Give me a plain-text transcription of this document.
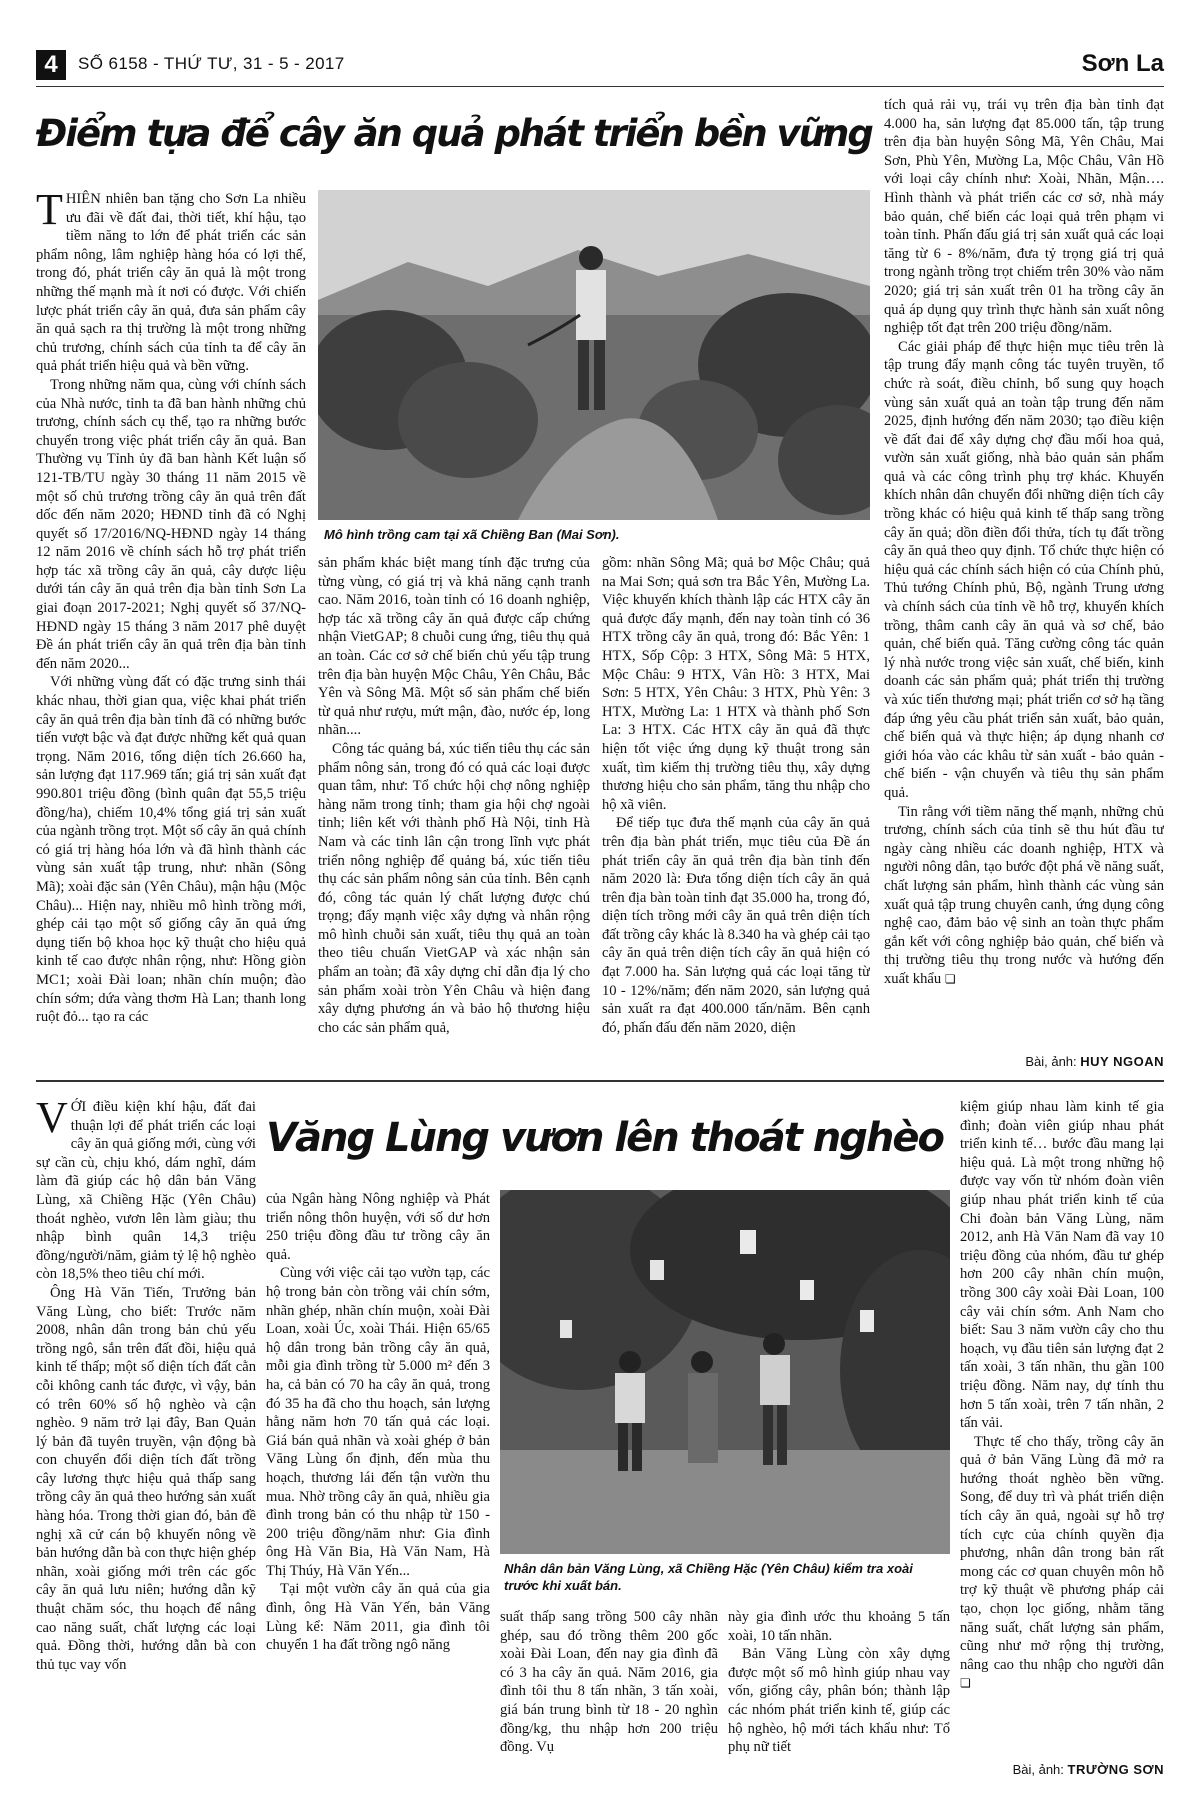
4	SỐ 6158 - THỨ TƯ, 31 - 5 - 2017	Sơn La
Điểm tựa để cây ăn quả phát triển bền vững

THIÊN nhiên ban tặng cho Sơn La nhiều ưu đãi về đất đai, thời tiết, khí hậu, tạo tiềm năng to lớn để phát triển các sản phẩm nông, lâm nghiệp hàng hóa có lợi thế, trong đó, phát triển cây ăn quả là một trong những thế mạnh mà ít nơi có được. Với chiến lược phát triển cây ăn quả, đưa sản phẩm cây ăn quả sạch ra thị trường là một trong những chủ trương, chính sách của tỉnh ta để cây ăn quả phát triển hiệu quả và bền vững.

Trong những năm qua, cùng với chính sách của Nhà nước, tỉnh ta đã ban hành những chủ trương, chính sách cụ thể, tạo ra những bước chuyển trong việc phát triển cây ăn quả. Ban Thường vụ Tỉnh ủy đã ban hành Kết luận số 121-TB/TU ngày 30 tháng 11 năm 2015 về một số chủ trương trồng cây ăn quả trên đất dốc đến năm 2020; HĐND tỉnh đã có Nghị quyết số 17/2016/NQ-HĐND ngày 14 tháng 12 năm 2016 về chính sách hỗ trợ phát triển hợp tác xã trồng cây ăn quả, cây dược liệu dưới tán cây ăn quả trên địa bàn tỉnh Sơn La giai đoạn 2017-2021; Nghị quyết số 37/NQ-HĐND ngày 15 tháng 3 năm 2017 phê duyệt Đề án phát triển cây ăn quả trên địa bàn tỉnh đến năm 2020...

Với những vùng đất có đặc trưng sinh thái khác nhau, thời gian qua, việc khai phát triển cây ăn quả trên địa bàn tỉnh đã có những bước tiến vượt bậc và đạt được những kết quả quan trọng. Năm 2016, tổng diện tích 26.660 ha, sản lượng đạt 117.969 tấn; giá trị sản xuất đạt 990.801 triệu đồng (bình quân đạt 55,5 triệu đồng/ha), chiếm 10,4% tổng giá trị sản xuất của ngành trồng trọt. Một số cây ăn quả chính có giá trị hàng hóa lớn và đã hình thành các vùng sản xuất tập trung, như: nhãn (Sông Mã); xoài đặc sản (Yên Châu), mận hậu (Mộc Châu)... Hiện nay, nhiều mô hình trồng mới, ghép cải tạo một số giống cây ăn quả ứng dụng tiến bộ khoa học kỹ thuật cho hiệu quả kinh tế cao được nhân rộng, như: Hồng giòn MC1; xoài Đài loan; nhãn chín muộn; đào chín sớm; dứa vàng thơm Hà Lan; thanh long ruột đỏ... tạo ra các

Mô hình trồng cam tại xã Chiềng Ban (Mai Sơn).

sản phẩm khác biệt mang tính đặc trưng của từng vùng, có giá trị và khả năng cạnh tranh cao. Năm 2016, toàn tỉnh có 16 doanh nghiệp, hợp tác xã trồng cây ăn quả được cấp chứng nhận VietGAP; 8 chuỗi cung ứng, tiêu thụ quả an toàn. Các cơ sở chế biến chủ yếu tập trung trên địa bàn huyện Mộc Châu, Yên Châu, Bắc Yên và Sông Mã. Một số sản phẩm chế biến từ quả như rượu, mứt mận, đào, nước ép, long nhãn....

Công tác quảng bá, xúc tiến tiêu thụ các sản phẩm nông sản, trong đó có quả các loại được quan tâm, như: Tổ chức hội chợ nông nghiệp hàng năm trong tỉnh; tham gia hội chợ ngoài tỉnh; liên kết với thành phố Hà Nội, tỉnh Hà Nam và các tỉnh lân cận trong lĩnh vực phát triển nông nghiệp để quảng bá, xúc tiến tiêu thụ các sản phẩm nông sản của tỉnh. Bên cạnh đó, công tác quản lý chất lượng được chú trọng; đẩy mạnh việc xây dựng và nhân rộng mô hình chuỗi sản xuất, tiêu thụ quả an toàn theo tiêu chuẩn VietGAP và xác nhận sản phẩm an toàn; đã xây dựng chỉ dẫn địa lý cho sản phẩm xoài tròn Yên Châu và hiện đang xây dựng phương án và bảo hộ thương hiệu cho các sản phẩm quả,

gồm: nhãn Sông Mã; quả bơ Mộc Châu; quả na Mai Sơn; quả sơn tra Bắc Yên, Mường La. Việc khuyến khích thành lập các HTX cây ăn quả được đẩy mạnh, đến nay toàn tỉnh có 36 HTX trồng cây ăn quả, trong đó: Bắc Yên: 1 HTX, Sốp Cộp: 3 HTX, Sông Mã: 5 HTX, Mộc Châu: 9 HTX, Vân Hồ: 3 HTX, Mai Sơn: 5 HTX, Yên Châu: 3 HTX, Phù Yên: 3 HTX, Mường La: 1 HTX và thành phố Sơn La: 3 HTX. Các HTX cây ăn quả đã thực hiện tốt việc ứng dụng kỹ thuật trong sản xuất, tìm kiếm thị trường tiêu thụ, xây dựng thương hiệu cho sản phẩm, tăng thu nhập cho hộ xã viên.

Để tiếp tục đưa thế mạnh của cây ăn quả trên địa bàn phát triển, mục tiêu của Đề án phát triển cây ăn quả trên địa bàn tỉnh đến năm 2020 là: Đưa tổng diện tích cây ăn quả trên địa bàn toàn tỉnh đạt 35.000 ha, trong đó, diện tích trồng mới cây ăn quả trên diện tích đất trồng cây khác là 8.340 ha và ghép cải tạo cây ăn quả trên diện tích cây ăn quả hiện có đạt 7.000 ha. Sản lượng quả các loại tăng từ 10 - 12%/năm; đến năm 2020, sản lượng quả sản xuất ra đạt 400.000 tấn/năm. Bên cạnh đó, phấn đấu đến năm 2020, diện

tích quả rải vụ, trái vụ trên địa bàn tỉnh đạt 4.000 ha, sản lượng đạt 85.000 tấn, tập trung trên địa bàn huyện Sông Mã, Yên Châu, Mai Sơn, Phù Yên, Mường La, Mộc Châu, Vân Hồ với loại cây chính như: Xoài, Nhãn, Mận…. Hình thành và phát triển các cơ sở, nhà máy bảo quản, chế biến các loại quả trên phạm vi toàn tỉnh. Phấn đấu giá trị sản xuất quả các loại tăng từ 6 - 8%/năm, đưa tỷ trọng giá trị quả trong ngành trồng trọt chiếm trên 30% vào năm 2020; giá trị sản xuất trên 01 ha trồng cây ăn quả áp dụng quy trình thực hành sản xuất nông nghiệp tốt đạt trên 200 triệu đồng/năm.

Các giải pháp để thực hiện mục tiêu trên là tập trung đẩy mạnh công tác tuyên truyền, tổ chức rà soát, điều chỉnh, bổ sung quy hoạch vùng sản xuất quả an toàn tập trung đến năm 2025, định hướng đến năm 2030; tạo điều kiện về đất đai để xây dựng chợ đầu mối hoa quả, vườn sản xuất giống, nhà bảo quản sản phẩm quả và các công trình phụ trợ khác. Khuyến khích nhân dân chuyển đổi những diện tích cây trồng khác có hiệu quả kinh tế thấp sang trồng cây ăn quả; dồn điền đổi thửa, tích tụ đất trồng cây ăn quả theo quy định. Tổ chức thực hiện có hiệu quả các chính sách hiện có của Chính phủ, Thủ tướng Chính phủ, Bộ, ngành Trung ương và chính sách của tỉnh về hỗ trợ, khuyến khích trồng, thâm canh cây ăn quả và sơ chế, bảo quản, chế biến quả. Tăng cường công tác quản lý nhà nước trong việc sản xuất, chế biến, kinh doanh các sản phẩm quả; phát triển thị trường và xúc tiến thương mại; phát triển cơ sở hạ tầng đáp ứng yêu cầu phát triển sản xuất, bảo quản, chế biến quả và thực hiện; áp dụng nhanh cơ giới hóa vào các khâu từ sản xuất - bảo quản - chế biến - vận chuyển và tiêu thụ sản phẩm quả.

Tin rằng với tiềm năng thế mạnh, những chủ trương, chính sách của tỉnh sẽ thu hút đầu tư ngày càng nhiều các doanh nghiệp, HTX và người nông dân, tạo bước đột phá về năng suất, chất lượng sản phẩm, hình thành các vùng sản xuất quả tập trung chuyên canh, ứng dụng công nghệ cao, đảm bảo vệ sinh an toàn thực phẩm gắn kết với công nghiệp bảo quản, chế biến và thị trường tiêu thụ trong nước và hướng đến xuất khẩu ❏

Bài, ảnh: HUY NGOAN

VỚI điều kiện khí hậu, đất đai thuận lợi để phát triển các loại cây ăn quả giống mới, cùng với sự cần cù, chịu khó, dám nghĩ, dám làm đã giúp các hộ dân bản Văng Lùng, xã Chiềng Hặc (Yên Châu) thoát nghèo, vươn lên làm giàu; thu nhập bình quân 14,3 triệu đồng/người/năm, giảm tỷ lệ hộ nghèo còn 18,5% theo tiêu chí mới.

Ông Hà Văn Tiến, Trưởng bản Văng Lùng, cho biết: Trước năm 2008, nhân dân trong bản chủ yếu trồng ngô, sắn trên đất đồi, hiệu quả kinh tế thấp; một số diện tích đất cằn cỗi không canh tác được, vì vậy, bản có trên 60% số hộ nghèo và cận nghèo. 9 năm trở lại đây, Ban Quản lý bản đã tuyên truyền, vận động bà con chuyển đổi diện tích đất trồng cây lương thực hiệu quả thấp sang trồng cây ăn quả theo hướng sản xuất hàng hóa. Trong thời gian đó, bản đề nghị xã cử cán bộ khuyến nông về bản hướng dẫn bà con thực hiện ghép nhãn, xoài giống mới trên các gốc cây ăn quả lưu niên; hướng dẫn kỹ thuật chăm sóc, thu hoạch để nâng cao năng suất, chất lượng các loại quả. Đồng thời, hướng dẫn bà con thủ tục vay vốn

Văng Lùng vươn lên thoát nghèo

của Ngân hàng Nông nghiệp và Phát triển nông thôn huyện, với số dư hơn 250 triệu đồng đầu tư trồng cây ăn quả.

Cùng với việc cải tạo vườn tạp, các hộ trong bản còn trồng vải chín sớm, nhãn ghép, nhãn chín muộn, xoài Đài Loan, xoài Úc, xoài Thái. Hiện 65/65 hộ dân trong bản trồng cây ăn quả, mỗi gia đình trồng từ 5.000 m² đến 3 ha, cả bản có 70 ha cây ăn quả, trong đó 35 ha đã cho thu hoạch, sản lượng hằng năm hơn 70 tấn quả các loại. Giá bán quả nhãn và xoài ghép ở bản Văng Lùng ổn định, đến mùa thu hoạch, thương lái đến tận vườn thu mua. Nhờ trồng cây ăn quả, nhiều gia đình trong bản có thu nhập từ 150 - 200 triệu đồng/năm như: Gia đình ông Hà Văn Bia, Hà Văn Nam, Hà Thị Thúy, Hà Văn Yến...

Tại một vườn cây ăn quả của gia đình, ông Hà Văn Yến, bản Văng Lùng kể: Năm 2011, gia đình tôi chuyển 1 ha đất trồng ngô năng

Nhân dân bản Văng Lùng, xã Chiềng Hặc (Yên Châu) kiểm tra xoài trước khi xuất bán.

suất thấp sang trồng 500 cây nhãn ghép, sau đó trồng thêm 200 gốc xoài Đài Loan, đến nay gia đình đã có 3 ha cây ăn quả. Năm 2016, gia đình tôi thu 8 tấn nhãn, 3 tấn xoài, giá bán trung bình từ 18 - 20 nghìn đồng/kg, thu nhập hơn 200 triệu đồng. Vụ

này gia đình ước thu khoảng 5 tấn xoài, 10 tấn nhãn.

Bản Văng Lùng còn xây dựng được một số mô hình giúp nhau vay vốn, giống cây, phân bón; thành lập các nhóm phát triển kinh tế, giúp các hộ nghèo, hộ mới tách khẩu như: Tổ phụ nữ tiết

kiệm giúp nhau làm kinh tế gia đình; đoàn viên giúp nhau phát triển kinh tế… bước đầu mang lại hiệu quả. Là một trong những hộ được vay vốn từ nhóm đoàn viên giúp nhau phát triển kinh tế của Chi đoàn bản Văng Lùng, năm 2012, anh Hà Văn Nam đã vay 10 triệu đồng của nhóm, đầu tư ghép hơn 200 cây nhãn chín muộn, trồng 300 cây xoài Đài Loan, 100 cây vải chín sớm. Anh Nam cho biết: Sau 3 năm vườn cây cho thu hoạch, vụ đầu tiên sản lượng đạt 2 tấn xoài, 3 tấn nhãn, thu gần 100 triệu đồng. Năm nay, dự tính thu hơn 5 tấn xoài, trên 7 tấn nhãn, 2 tấn vải.

Thực tế cho thấy, trồng cây ăn quả ở bản Văng Lùng đã mở ra hướng thoát nghèo bền vững. Song, để duy trì và phát triển diện tích cây ăn quả, ngoài sự hỗ trợ tích cực của chính quyền địa phương, nhân dân trong bản rất mong các cơ quan chuyên môn hỗ trợ kỹ thuật về phương pháp cải tạo, chọn lọc giống, nhằm tăng năng suất, chất lượng sản phẩm, cũng như mở rộng thị trường, nâng cao thu nhập cho người dân ❏

Bài, ảnh: TRƯỜNG SƠN
